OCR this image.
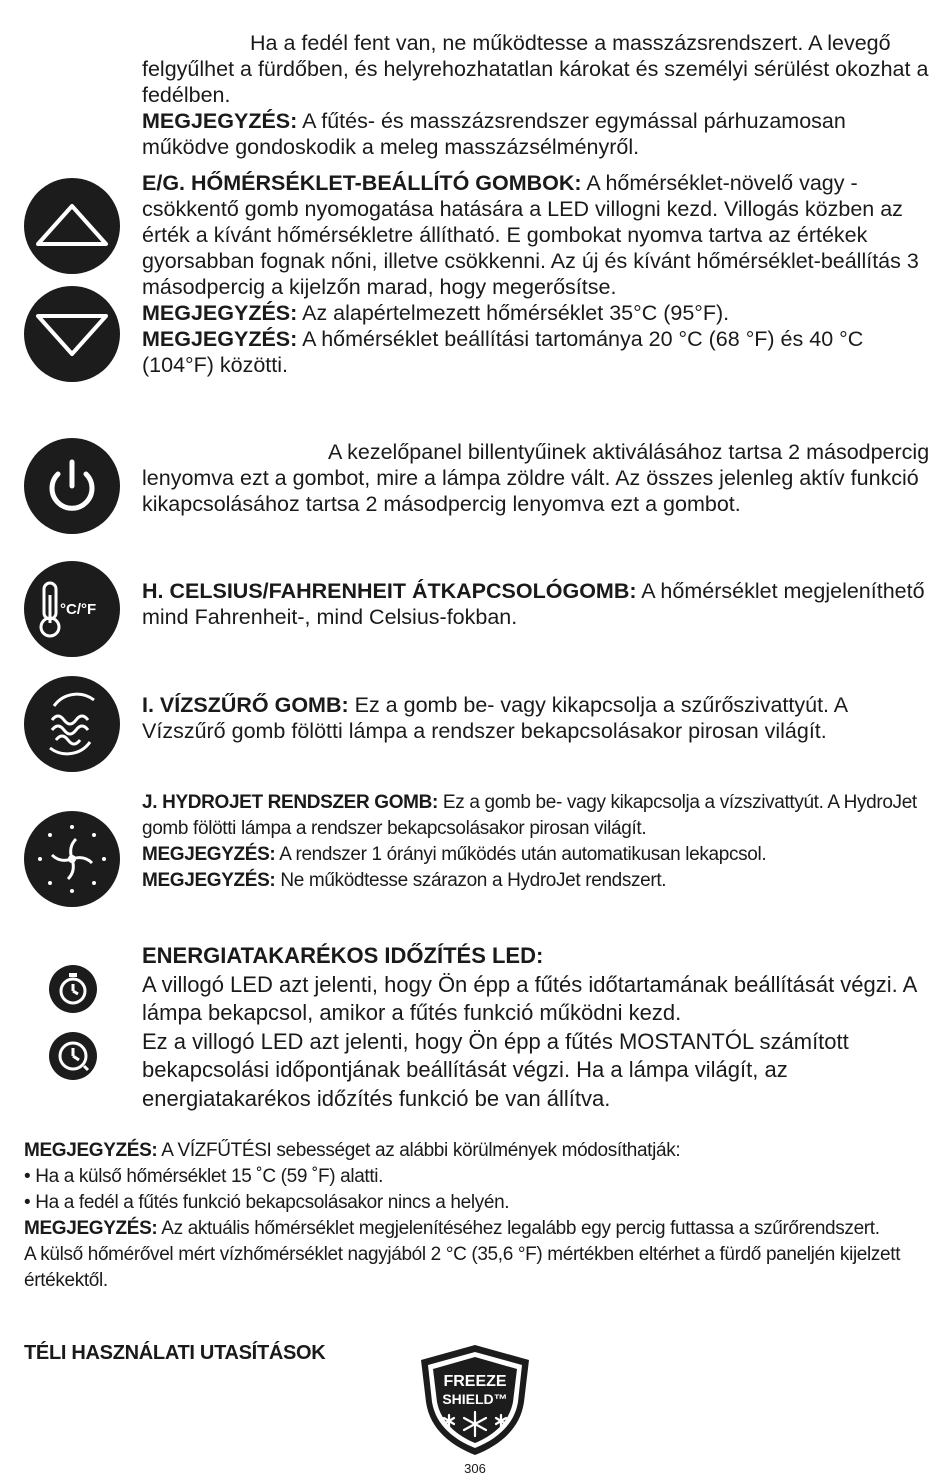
Ha a fedél fent van, ne működtesse a masszázsrendszert. A levegő felgyűlhet a fürdőben, és helyrehozhatatlan károkat és személyi sérülést okozhat a fedélben.

MEGJEGYZÉS: A fűtés- és masszázsrendszer egymással párhuzamosan működve gondoskodik a meleg masszázsélményről.

E/G. HŐMÉRSÉKLET-BEÁLLÍTÓ GOMBOK: A hőmérséklet-növelő vagy -csökkentő gomb nyomogatása hatására a LED villogni kezd. Villogás közben az érték a kívánt hőmérsékletre állítható. E gombokat nyomva tartva az értékek gyorsabban fognak nőni, illetve csökkenni. Az új és kívánt hőmérséklet-beállítás 3 másodpercig a kijelzőn marad, hogy megerősítse.

MEGJEGYZÉS: Az alapértelmezett hőmérséklet 35°C (95°F).

MEGJEGYZÉS: A hőmérséklet beállítási tartománya 20 °C (68 °F) és 40 °C (104°F) közötti.

A kezelőpanel billentyűinek aktiválásához tartsa 2 másodpercig lenyomva ezt a gombot, mire a lámpa zöldre vált. Az összes jelenleg aktív funkció kikapcsolásához tartsa 2 másodpercig lenyomva ezt a gombot.

°C/°F

H. CELSIUS/FAHRENHEIT ÁTKAPCSOLÓGOMB: A hőmérséklet megjeleníthető mind Fahrenheit-, mind Celsius-fokban.

I. VÍZSZŰRŐ GOMB: Ez a gomb be- vagy kikapcsolja a szűrőszivattyút. A Vízszűrő gomb fölötti lámpa a rendszer bekapcsolásakor pirosan világít.

J. HYDROJET RENDSZER GOMB: Ez a gomb be- vagy kikapcsolja a vízszivattyút. A HydroJet gomb fölötti lámpa a rendszer bekapcsolásakor pirosan világít.

MEGJEGYZÉS: A rendszer 1 órányi működés után automatikusan lekapcsol.

MEGJEGYZÉS: Ne működtesse szárazon a HydroJet rendszert.

ENERGIATAKARÉKOS IDŐZÍTÉS LED:

A villogó LED azt jelenti, hogy Ön épp a fűtés időtartamának beállítását végzi. A lámpa bekapcsol, amikor a fűtés funkció működni kezd.

Ez a villogó LED azt jelenti, hogy Ön épp a fűtés MOSTANTÓL számított bekapcsolási időpontjának beállítását végzi. Ha a lámpa világít, az energiatakarékos időzítés funkció be van állítva.

MEGJEGYZÉS: A VÍZFŰTÉSI sebességet az alábbi körülmények módosíthatják:

• Ha a külső hőmérséklet 15 ˚C (59 ˚F) alatti.

• Ha a fedél a fűtés funkció bekapcsolásakor nincs a helyén.

MEGJEGYZÉS: Az aktuális hőmérséklet megjelenítéséhez legalább egy percig futtassa a szűrőrendszert.

A külső hőmérővel mért vízhőmérséklet nagyjából 2 °C (35,6 °F) mértékben eltérhet a fürdő paneljén kijelzett értékektől.

TÉLI HASZNÁLATI UTASÍTÁSOK
FREEZE
SHIELD™
306
